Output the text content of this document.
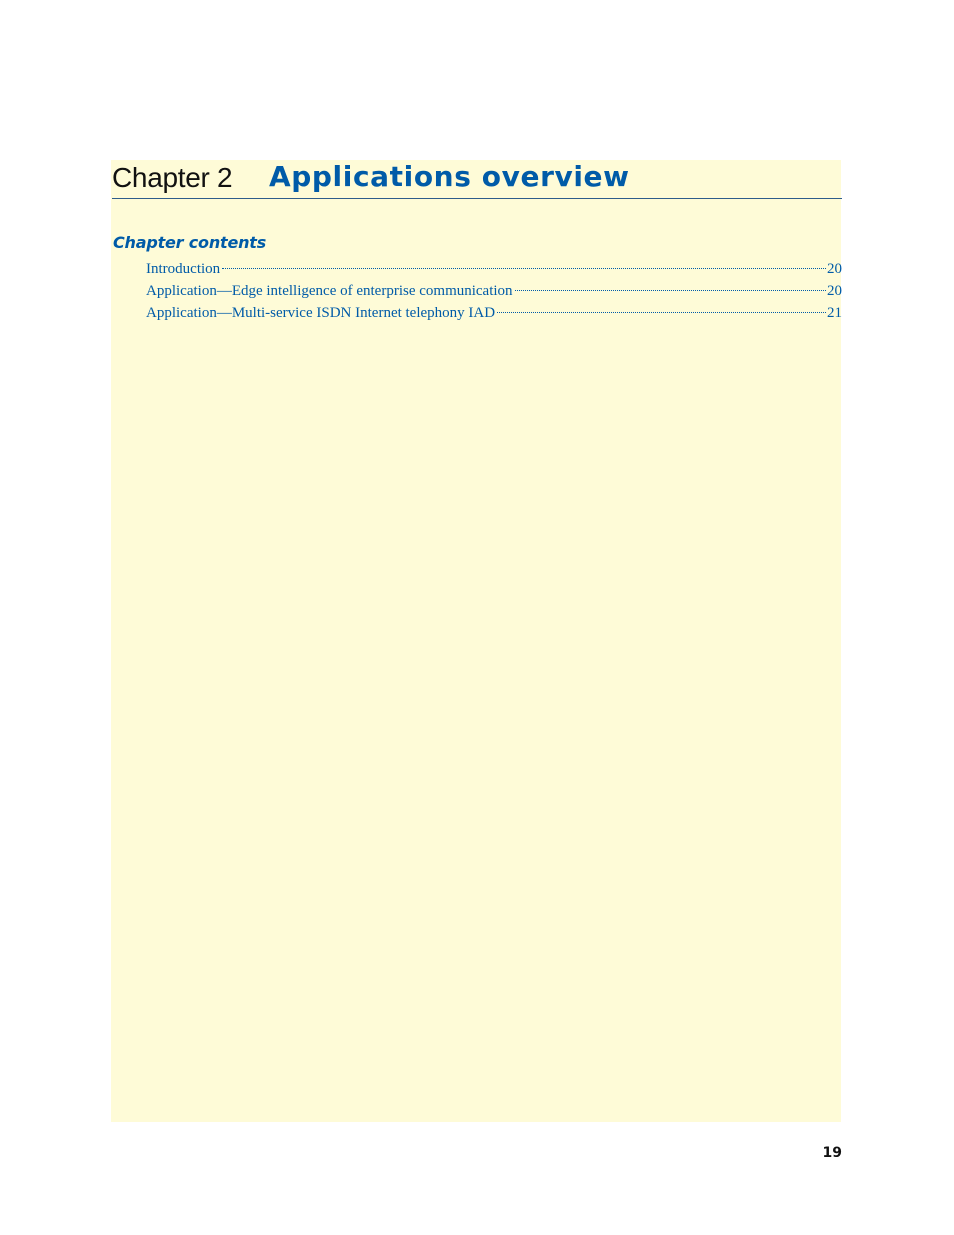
Chapter 2 Applications overview
Chapter contents
Introduction	20
Application—Edge intelligence of enterprise communication	20
Application—Multi-service ISDN Internet telephony IAD	21
19
